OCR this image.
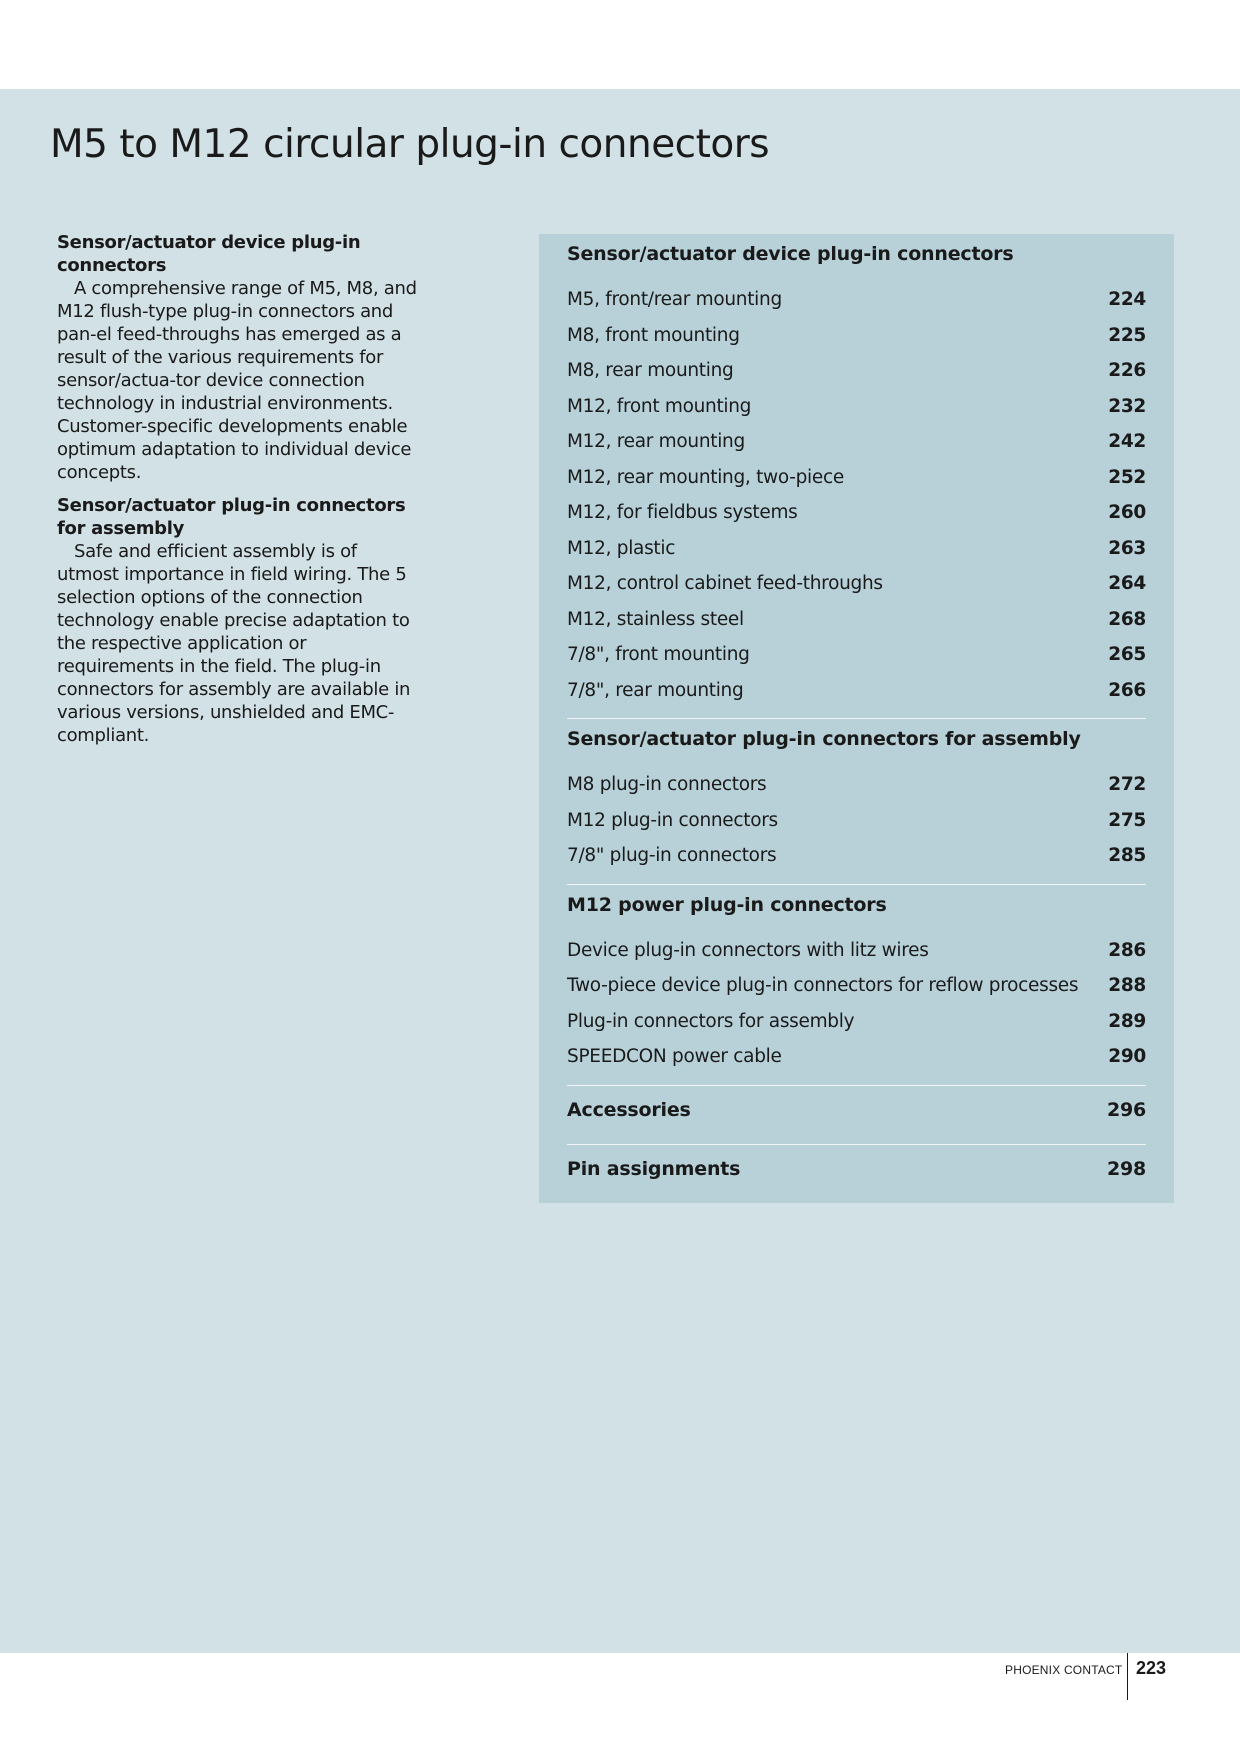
M5 to M12 circular plug-in connectors
Sensor/actuator device plug-in connectors

A comprehensive range of M5, M8, and M12 flush-type plug-in connectors and pan-el feed-throughs has emerged as a result of the various requirements for sensor/actua-tor device connection technology in industrial environments. Customer-specific developments enable optimum adaptation to individual device concepts.

Sensor/actuator plug-in connectors for assembly

Safe and efficient assembly is of utmost importance in field wiring. The 5 selection options of the connection technology enable precise adaptation to the respective application or requirements in the field. The plug-in connectors for assembly are available in various versions, unshielded and EMC-compliant.

Sensor/actuator device plug-in connectors
M5, front/rear mounting	224
M8, front mounting	225
M8, rear mounting	226
M12, front mounting	232
M12, rear mounting	242
M12, rear mounting, two-piece	252
M12, for fieldbus systems	260
M12, plastic	263
M12, control cabinet feed-throughs	264
M12, stainless steel	268
7/8", front mounting	265
7/8", rear mounting	266
Sensor/actuator plug-in connectors for assembly
M8 plug-in connectors	272
M12 plug-in connectors	275
7/8" plug-in connectors	285
M12 power plug-in connectors
Device plug-in connectors with litz wires	286
Two-piece device plug-in connectors for reflow processes 288
Plug-in connectors for assembly	289
SPEEDCON power cable	290
Accessories	296
Pin assignments	298
PHOENIX CONTACT 223
